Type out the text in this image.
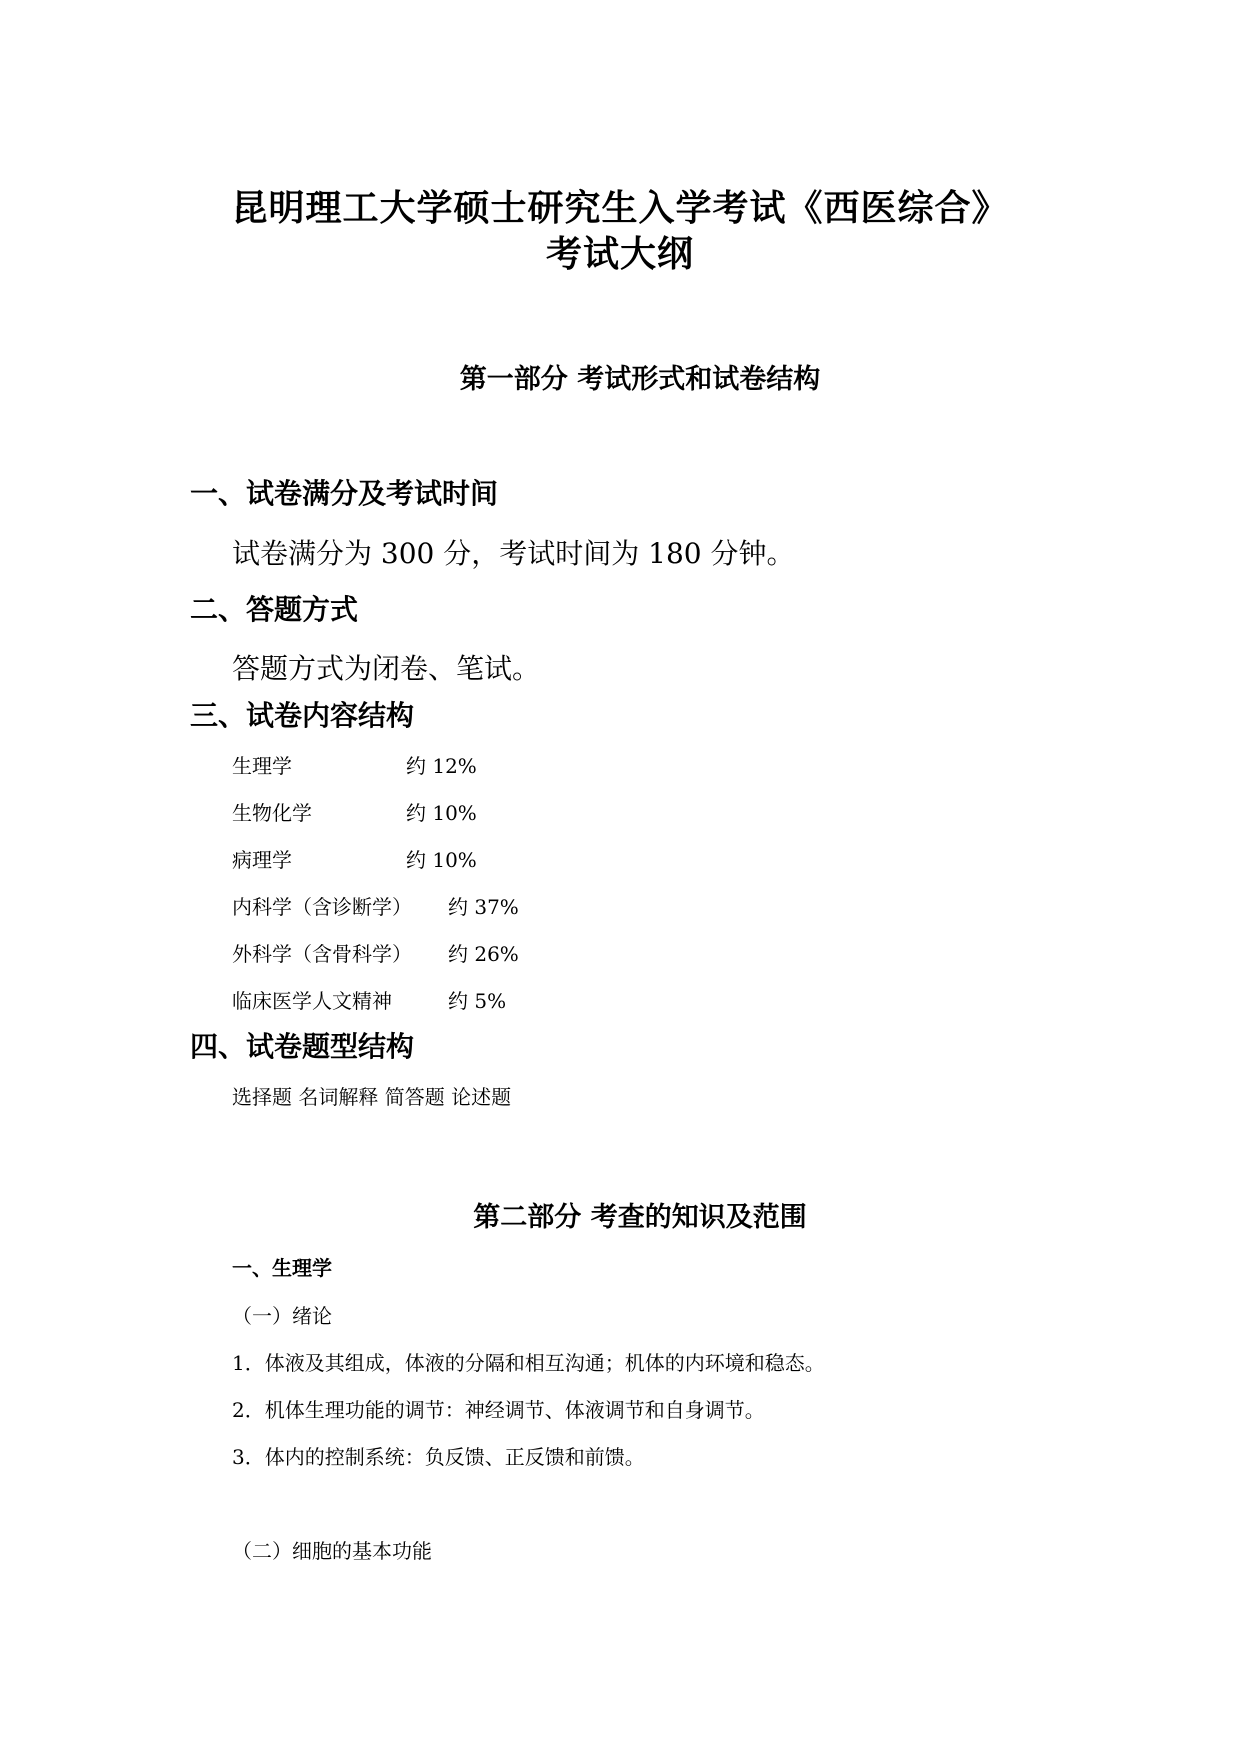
昆明理工大学硕士研究生入学考试《西医综合》
考试大纲
第一部分 考试形式和试卷结构
一、试卷满分及考试时间
试卷满分为 300 分，考试时间为 180 分钟。
二、答题方式
答题方式为闭卷、笔试。
三、试卷内容结构
生理学	约 12%
生物化学	约 10%
病理学	约 10%
内科学（含诊断学） 约 37%
外科学（含骨科学） 约 26%
临床医学人文精神	约 5%
四、试卷题型结构
选择题 名词解释 简答题 论述题
第二部分 考查的知识及范围
一、生理学
（一）绪论
1．体液及其组成，体液的分隔和相互沟通；机体的内环境和稳态。
2．机体生理功能的调节：神经调节、体液调节和自身调节。
3．体内的控制系统：负反馈、正反馈和前馈。
（二）细胞的基本功能
